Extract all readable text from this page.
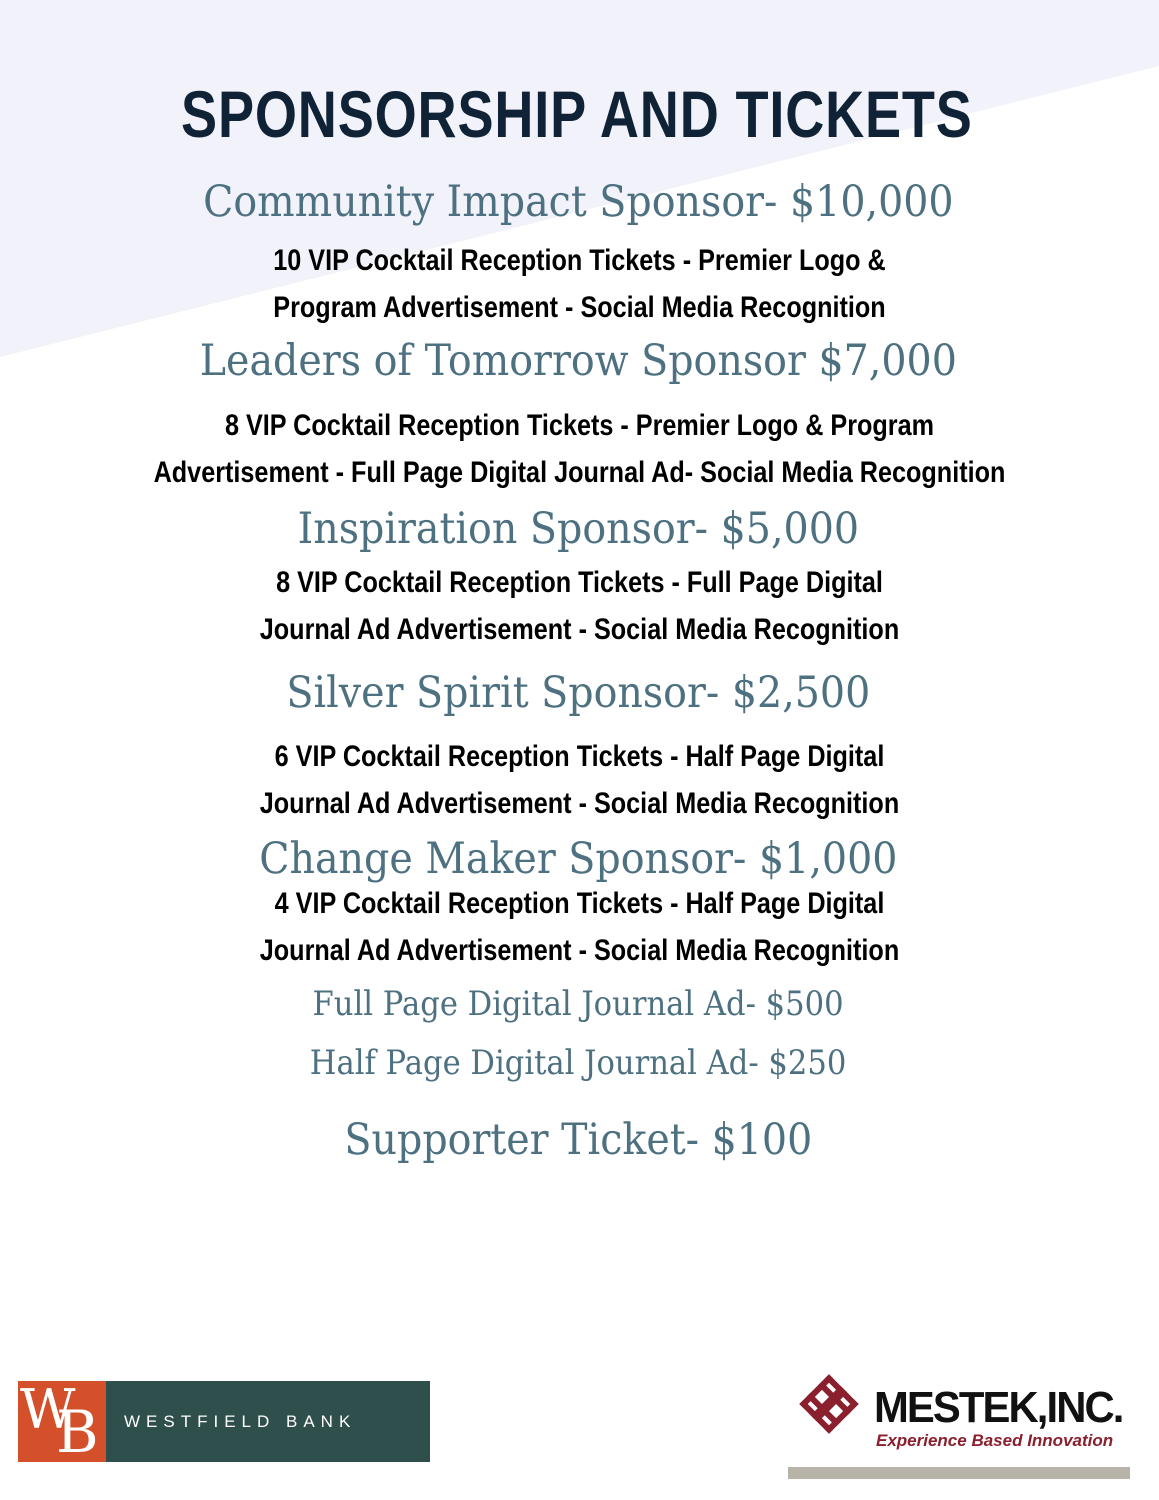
SPONSORSHIP AND TICKETS
Community Impact Sponsor- $10,000
10 VIP Cocktail Reception Tickets - Premier Logo &
Program Advertisement - Social Media Recognition
Leaders of Tomorrow Sponsor $7,000
8 VIP Cocktail Reception Tickets - Premier Logo & Program
Advertisement - Full Page Digital Journal Ad- Social Media Recognition
Inspiration Sponsor- $5,000
8 VIP Cocktail Reception Tickets - Full Page Digital
Journal Ad Advertisement - Social Media Recognition
Silver Spirit Sponsor- $2,500
6 VIP Cocktail Reception Tickets - Half Page Digital
Journal Ad Advertisement - Social Media Recognition
Change Maker Sponsor- $1,000
4 VIP Cocktail Reception Tickets - Half Page Digital
Journal Ad Advertisement - Social Media Recognition
Full Page Digital Journal Ad- $500
Half Page Digital Journal Ad- $250
Supporter Ticket- $100
W
B	WESTFIELD BANK	MESTEK,INC.
Experience Based Innovation
